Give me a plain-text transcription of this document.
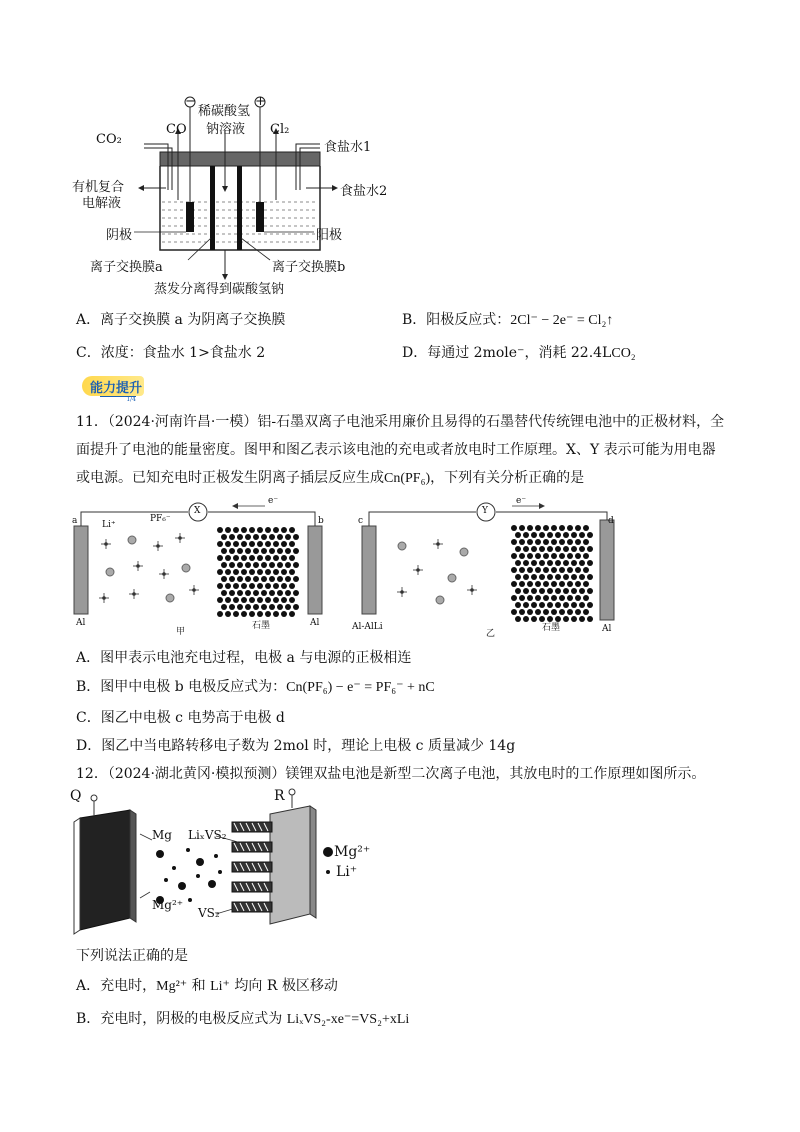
−	+
稀碳酸氢
钠溶液
CO₂
CO	Cl₂
食盐水1
有机复合
电解液
食盐水2
阴极	阳极
离子交换膜a	离子交换膜b
蒸发分离得到碳酸氢钠
A．离子交换膜 a 为阴离子交换膜	B．阳极反应式：2Cl⁻ − 2e⁻ = Cl₂↑
C．浓度：食盐水 1>食盐水 2	D．每通过 2mole⁻，消耗 22.4LCO₂
能力提升
1/4
11．（2024·河南许昌·一模）铝-石墨双离子电池采用廉价且易得的石墨替代传统锂电池中的正极材料，全
面提升了电池的能量密度。图甲和图乙表示该电池的充电或者放电时工作原理。X、Y 表示可能为用电器
或电源。已知充电时正极发生阴离子插层反应生成Cn(PF₆)，下列有关分析正确的是
a	b
X
e⁻
Li⁺
PF₆⁻
Al	Al
甲
石墨
c	d
Y
e⁻
Al-AlLi	Al
乙
石墨
A．图甲表示电池充电过程，电极 a 与电源的正极相连
B．图甲中电极 b 电极反应式为：Cn(PF₆) − e⁻ = PF₆⁻ + nC
C．图乙中电极 c 电势高于电极 d
D．图乙中当电路转移电子数为 2mol 时，理论上电极 c 质量减少 14g
12．（2024·湖北黄冈·模拟预测）镁锂双盐电池是新型二次离子电池，其放电时的工作原理如图所示。
Q	R
Mg LiₓVS₂
Mg²⁺
VS₂
Mg²⁺
Li⁺
下列说法正确的是
A．充电时，Mg²⁺ 和 Li⁺ 均向 R 极区移动
B．充电时，阴极的电极反应式为 LiₓVS₂-xe⁻=VS₂+xLi
